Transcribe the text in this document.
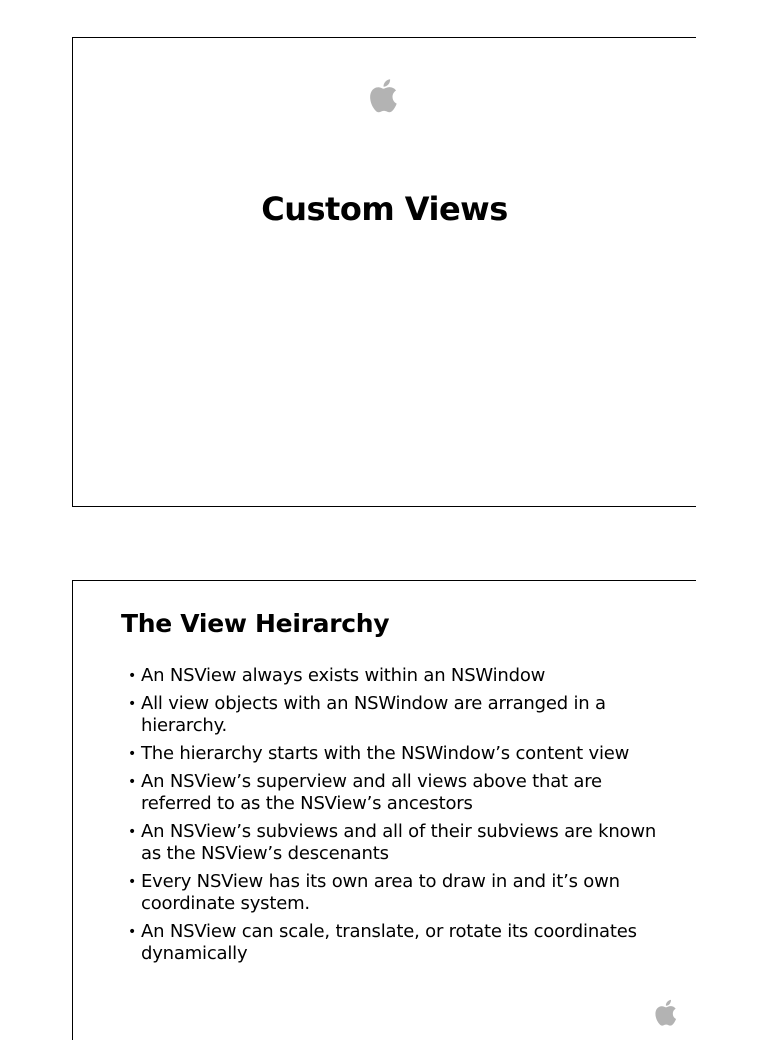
Custom Views
The View Heirarchy
• An NSView always exists within an NSWindow
• All view objects with an NSWindow are arranged in a hierarchy.
• The hierarchy starts with the NSWindow’s content view
• An NSView’s superview and all views above that are referred to as the NSView’s ancestors
• An NSView’s subviews and all of their subviews are known as the NSView’s descenants
• Every NSView has its own area to draw in and it’s own coordinate system.
• An NSView can scale, translate, or rotate its coordinates dynamically
